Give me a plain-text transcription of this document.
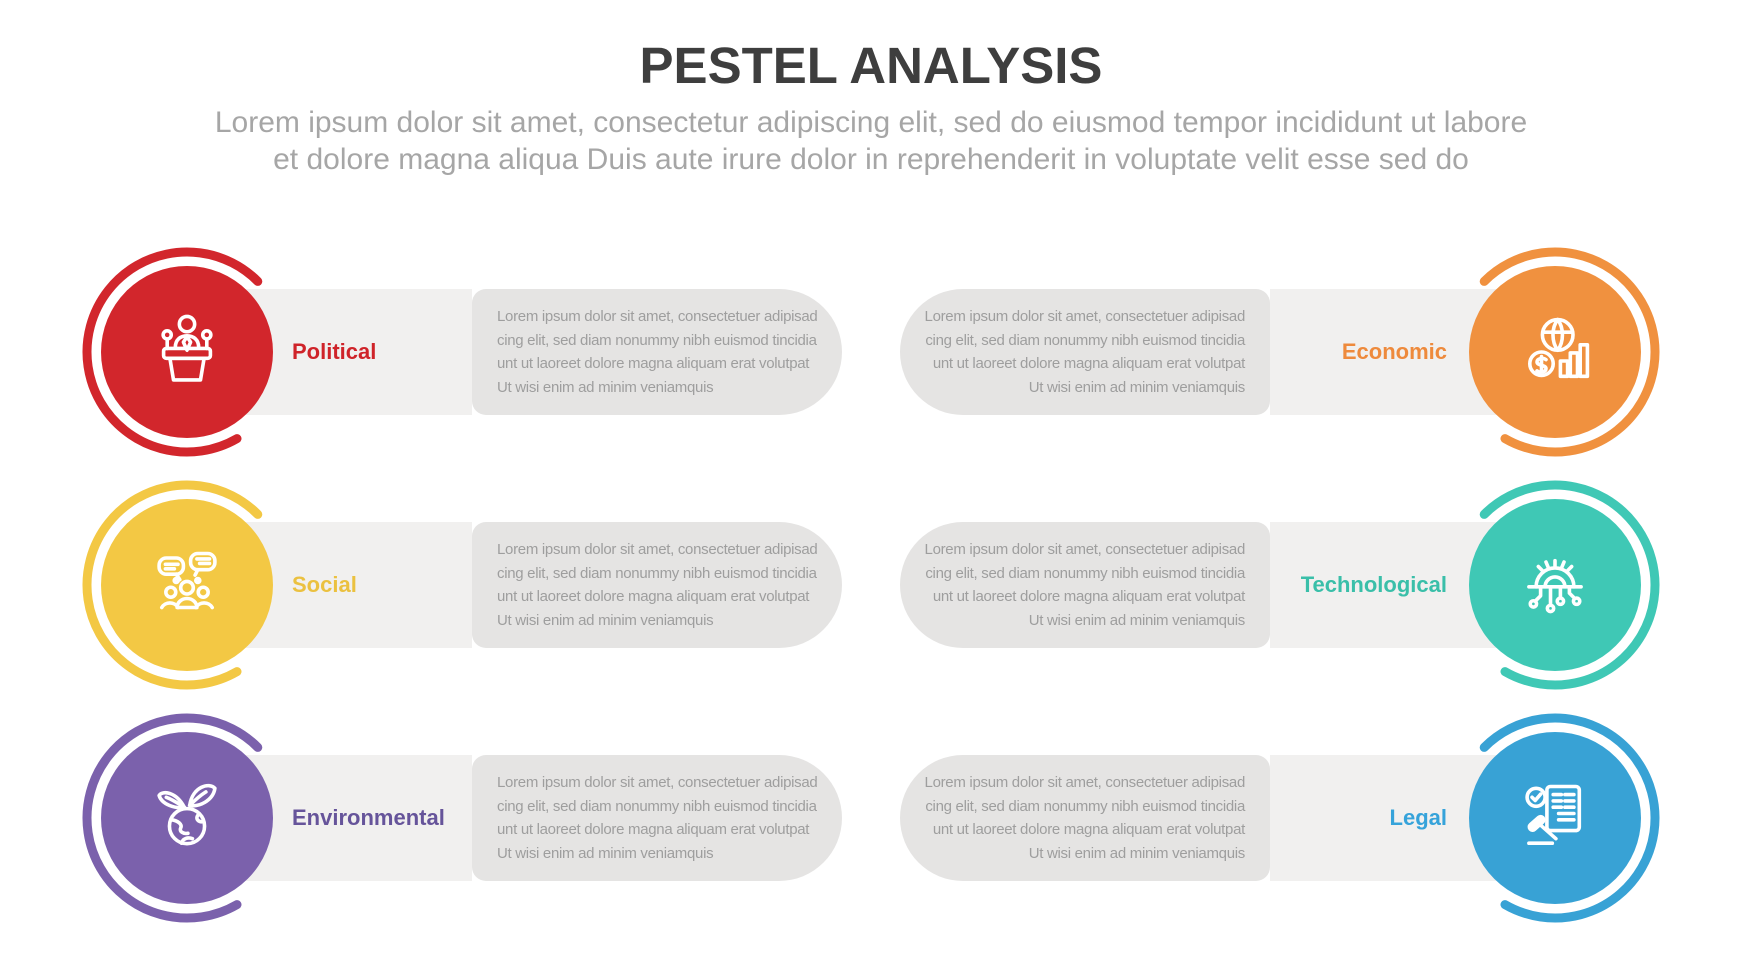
PESTEL ANALYSIS
Lorem ipsum dolor sit amet, consectetur adipiscing elit, sed do eiusmod tempor incididunt ut labore
et dolore magna aliqua Duis aute irure dolor in reprehenderit in voluptate velit esse sed do
Political
Lorem ipsum dolor sit amet, consectetuer adipisad
cing elit, sed diam nonummy nibh euismod tincidia
unt ut laoreet dolore magna aliquam erat volutpat
Ut wisi enim ad minim veniamquis
Lorem ipsum dolor sit amet, consectetuer adipisad
cing elit, sed diam nonummy nibh euismod tincidia
unt ut laoreet dolore magna aliquam erat volutpat
Ut wisi enim ad minim veniamquis
Economic
Social
Lorem ipsum dolor sit amet, consectetuer adipisad
cing elit, sed diam nonummy nibh euismod tincidia
unt ut laoreet dolore magna aliquam erat volutpat
Ut wisi enim ad minim veniamquis
Lorem ipsum dolor sit amet, consectetuer adipisad
cing elit, sed diam nonummy nibh euismod tincidia
unt ut laoreet dolore magna aliquam erat volutpat
Ut wisi enim ad minim veniamquis
Technological
Environmental
Lorem ipsum dolor sit amet, consectetuer adipisad
cing elit, sed diam nonummy nibh euismod tincidia
unt ut laoreet dolore magna aliquam erat volutpat
Ut wisi enim ad minim veniamquis
Lorem ipsum dolor sit amet, consectetuer adipisad
cing elit, sed diam nonummy nibh euismod tincidia
unt ut laoreet dolore magna aliquam erat volutpat
Ut wisi enim ad minim veniamquis
Legal
